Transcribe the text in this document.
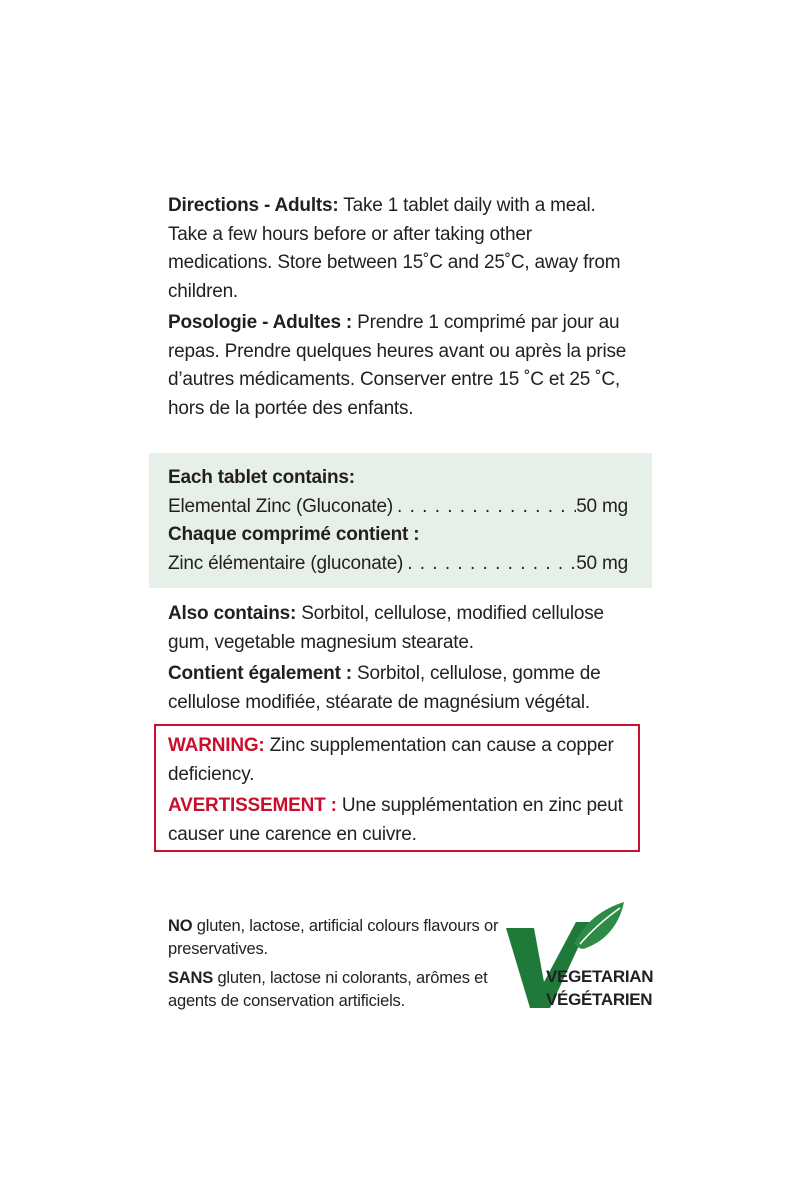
Directions - Adults: Take 1 tablet daily with a meal. Take a few hours before or after taking other medications. Store between 15˚C and 25˚C, away from children.

Posologie - Adultes : Prendre 1 comprimé par jour au repas. Prendre quelques heures avant ou après la prise d’autres médicaments. Conserver entre 15 ˚C et 25 ˚C, hors de la portée des enfants.

Each tablet contains:

Elemental Zinc (Gluconate) . . .	50 mg

Chaque comprimé contient :

Zinc élémentaire (gluconate) . . .	50 mg

Also contains: Sorbitol, cellulose, modified cellulose gum, vegetable magnesium stearate.

Contient également : Sorbitol, cellulose, gomme de cellulose modifiée, stéarate de magnésium végétal.

WARNING: Zinc supplementation can cause a copper deficiency.

AVERTISSEMENT : Une supplémentation en zinc peut causer une carence en cuivre.

NO gluten, lactose, artificial colours flavours or preservatives.

SANS gluten, lactose ni colorants, arômes et agents de conservation artificiels.

VEGETARIAN
VÉGÉTARIEN
